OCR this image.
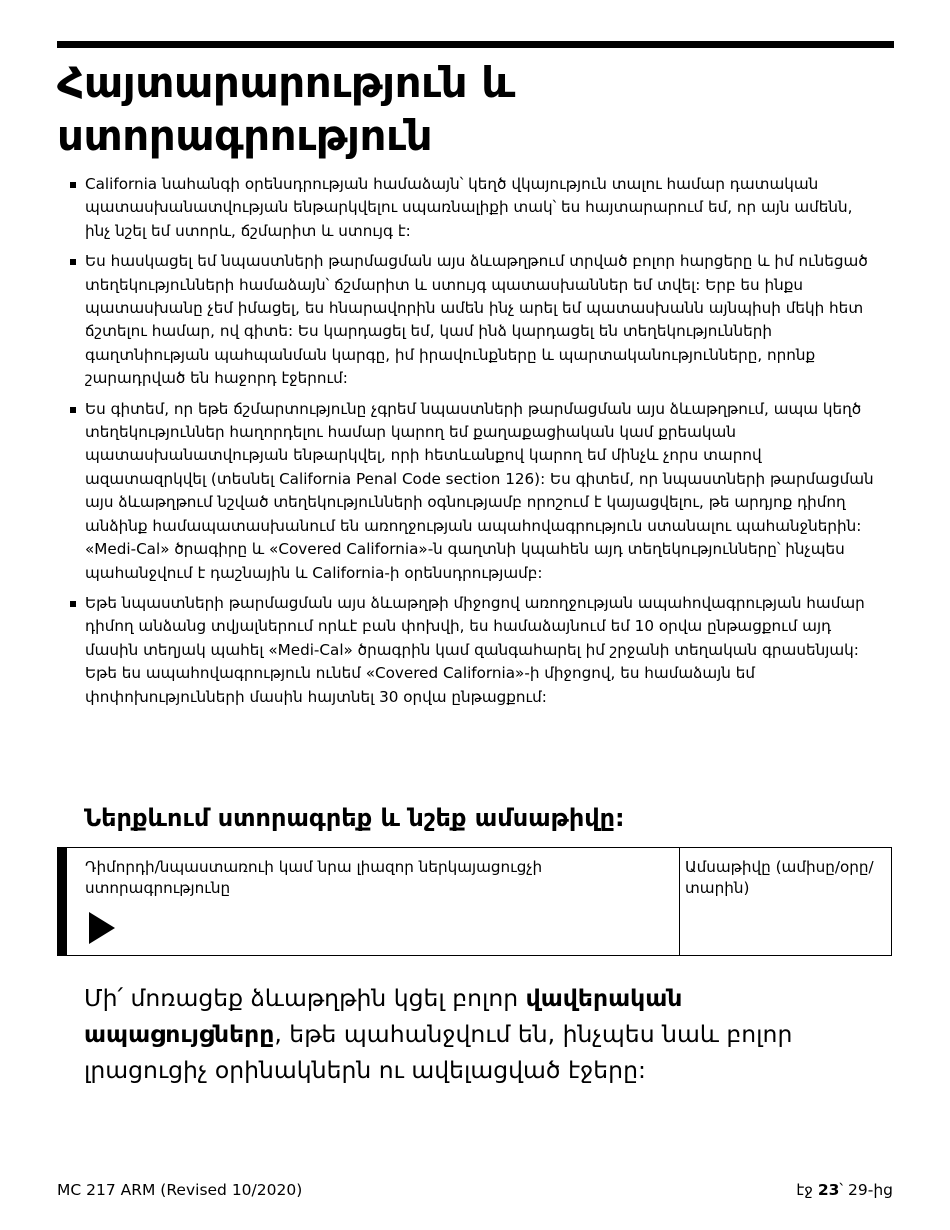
Հայտարարություն և ստորագրություն
California նահանգի օրենսդրության համաձայն՝ կեղծ վկայություն տալու համար դատական պատասխանատվության ենթարկվելու սպառնալիքի տակ՝ ես հայտարարում եմ, որ այն ամենն, ինչ նշել եմ ստորև, ճշմարիտ և ստույգ է:
Ես հասկացել եմ նպաստների թարմացման այս ձևաթղթում տրված բոլոր հարցերը և իմ ունեցած տեղեկությունների համաձայն՝ ճշմարիտ և ստույգ պատասխաններ եմ տվել: Երբ ես ինքս պատասխանը չեմ իմացել, ես հնարավորին ամեն ինչ արել եմ պատասխանն այնպիսի մեկի հետ ճշտելու համար, ով գիտե: Ես կարդացել եմ, կամ ինձ կարդացել են տեղեկությունների գաղտնիության պահպանման կարգը, իմ իրավունքները և պարտականությունները, որոնք շարադրված են հաջորդ էջերում:
Ես գիտեմ, որ եթե ճշմարտությունը չգրեմ նպաստների թարմացման այս ձևաթղթում, ապա կեղծ տեղեկություններ հաղորդելու համար կարող եմ քաղաքացիական կամ քրեական պատասխանատվության ենթարկվել, որի հետևանքով կարող եմ մինչև չորս տարով ազատազրկվել (տեսնել California Penal Code section 126): Ես գիտեմ, որ նպաստների թարմացման այս ձևաթղթում նշված տեղեկությունների օգնությամբ որոշում է կայացվելու, թե արդյոք դիմող անձինք համապատասխանում են առողջության ապահովագրություն ստանալու պահանջներին: «Medi-Cal» ծրագիրը և «Covered California»-ն գաղտնի կպահեն այդ տեղեկությունները՝ ինչպես պահանջվում է դաշնային և California-ի օրենսդրությամբ:
Եթե նպաստների թարմացման այս ձևաթղթի միջոցով առողջության ապահովագրության համար դիմող անձանց տվյալներում որևէ բան փոխվի, ես համաձայնում եմ 10 օրվա ընթացքում այդ մասին տեղյակ պահել «Medi-Cal» ծրագրին կամ զանգահարել իմ շրջանի տեղական գրասենյակ: Եթե ես ապահովագրություն ունեմ «Covered California»-ի միջոցով, ես համաձայն եմ փոփոխությունների մասին հայտնել 30 օրվա ընթացքում:
Ներքևում ստորագրեք և նշեք ամսաթիվը:
Դիմորդի/նպաստառուի կամ նրա լիազոր ներկայացուցչի ստորագրությունը
Ամսաթիվը (ամիսը/օրը/տարին)

Մի՛ մոռացեք ձևաթղթին կցել բոլոր վավերական ապացույցները, եթե պահանջվում են, ինչպես նաև բոլոր լրացուցիչ օրինակներն ու ավելացված էջերը:

MC 217 ARM (Revised 10/2020)	էջ 23՝ 29-ից
